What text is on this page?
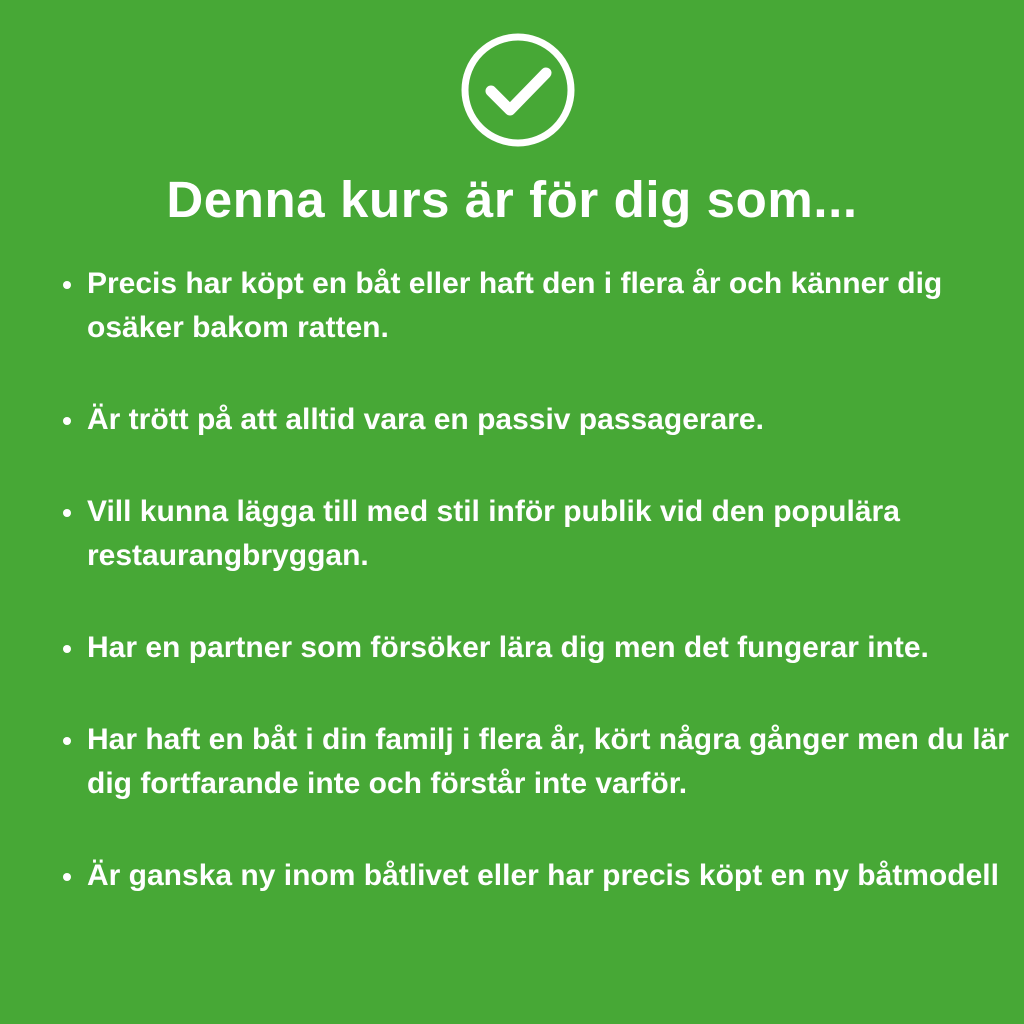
Denna kurs är för dig som...
Precis har köpt en båt eller haft den i flera år och känner dig osäker bakom ratten.
Är trött på att alltid vara en passiv passagerare.
Vill kunna lägga till med stil inför publik vid den populära restaurangbryggan.
Har en partner som försöker lära dig men det fungerar inte.
Har haft en båt i din familj i flera år, kört några gånger men du lär dig fortfarande inte och förstår inte varför.
Är ganska ny inom båtlivet eller har precis köpt en ny båtmodell
